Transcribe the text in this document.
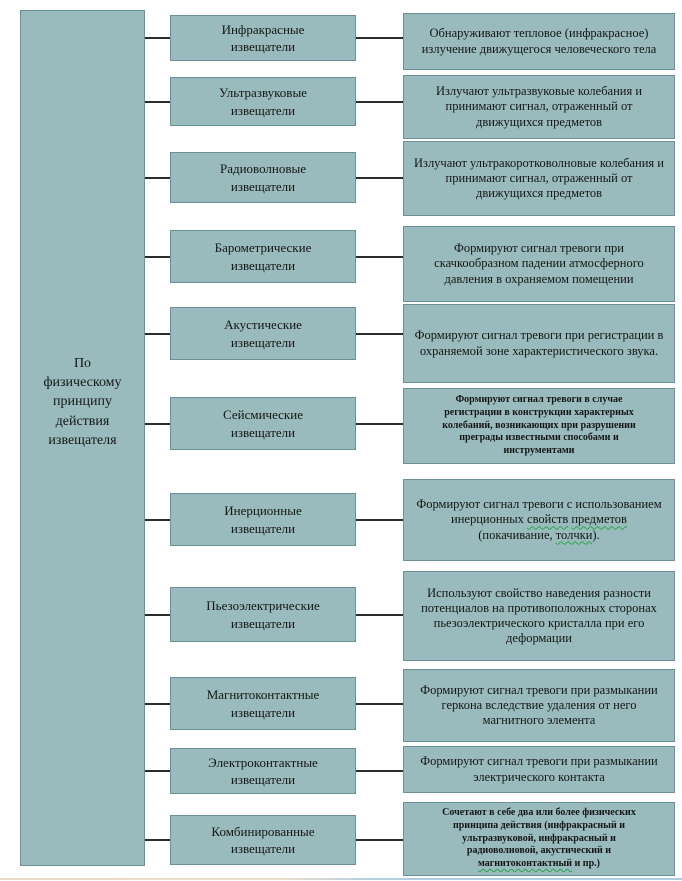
По
физическому
принципу
действия
извещателя
Инфракрасные
извещатели
Обнаруживают тепловое (инфракрасное) излучение движущегося человеческого тела
Ультразвуковые
извещатели
Излучают ультразвуковые колебания и принимают сигнал, отраженный от движущихся предметов
Радиоволновые
извещатели
Излучают ультракоротковолновые колебания и принимают сигнал, отраженный от движущихся предметов
Барометрические
извещатели
Формируют сигнал тревоги при скачкообразном падении атмосферного давления в охраняемом помещении
Акустические
извещатели	Формируют сигнал тревоги при регистрации в охраняемой зоне характеристического звука.
Сейсмические
извещатели
Формируют сигнал тревоги в случае регистрации в конструкции характерных колебаний, возникающих при разрушении преграды известными способами и инструментами
Инерционные
извещатели
Формируют сигнал тревоги с использованием инерционных свойств предметов (покачивание, толчки).
Пьезоэлектрические
извещатели
Используют свойство наведения разности потенциалов на противоположных сторонах пьезоэлектрического кристалла при его деформации
Магнитоконтактные
извещатели
Формируют сигнал тревоги при размыкании геркона вследствие удаления от него магнитного элемента
Электроконтактные
извещатели
Формируют сигнал тревоги при размыкании электрического контакта
Комбинированные
извещатели
Сочетают в себе два или более физических принципа действия (инфракрасный и ультразвуковой, инфракрасный и радиоволновой, акустический и магнитоконтактный и пр.)
